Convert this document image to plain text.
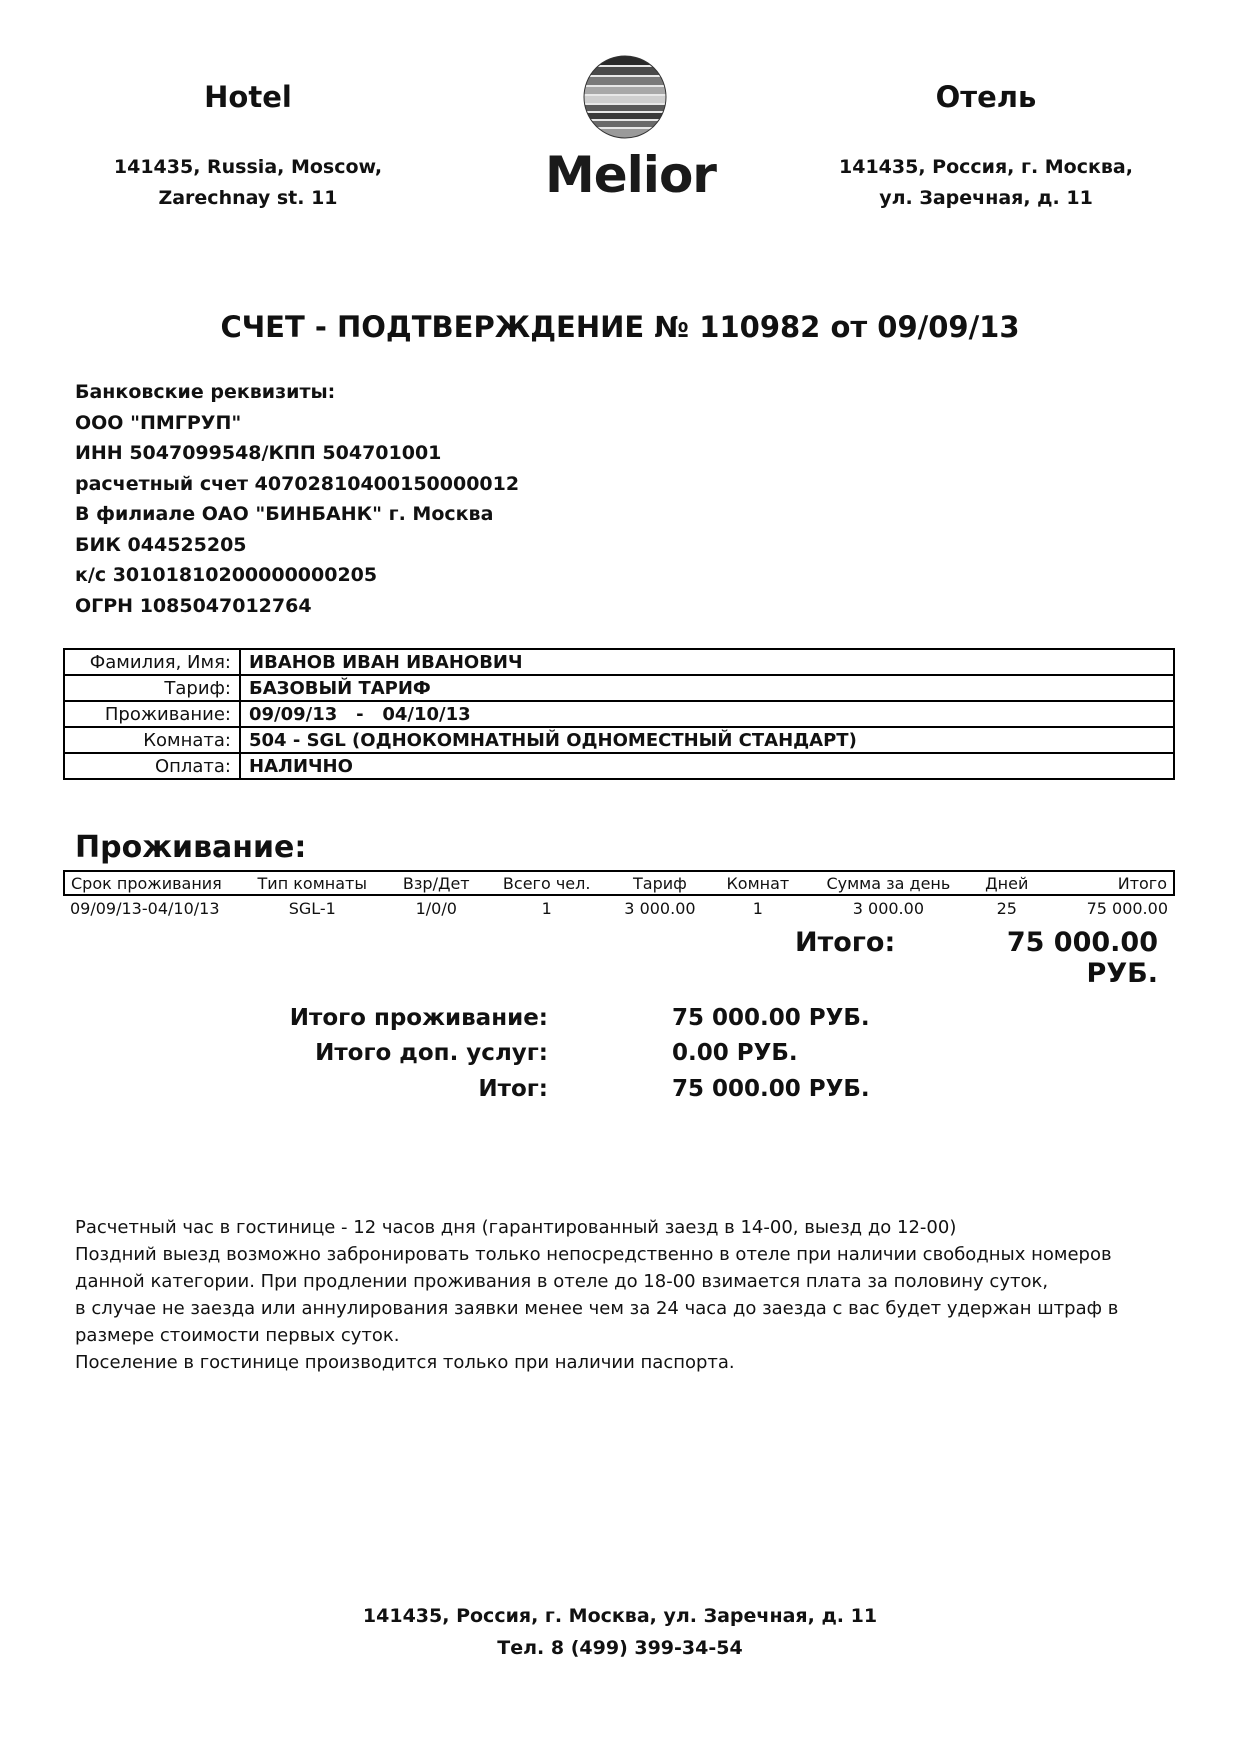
Hotel
141435, Russia, Moscow,
Zarechnay st. 11	Melior
Отель
141435, Россия, г. Москва,
ул. Заречная, д. 11
СЧЕТ - ПОДТВЕРЖДЕНИЕ № 110982 от 09/09/13
Банковские реквизиты:
ООО "ПМГРУП"
ИНН 5047099548/КПП 504701001
расчетный счет 40702810400150000012
В филиале ОАО "БИНБАНК" г. Москва
БИК 044525205
к/с 30101810200000000205
ОГРН 1085047012764
Фамилия, Имя:	ИВАНОВ ИВАН ИВАНОВИЧ
Тариф:	БАЗОВЫЙ ТАРИФ
Проживание:	09/09/13   -   04/10/13
Комната:	504 - SGL (ОДНОКОМНАТНЫЙ ОДНОМЕСТНЫЙ СТАНДАРТ)
Оплата:	НАЛИЧНО
Проживание:
Срок проживания	Тип комнаты	Взр/Дет	Всего чел.	Тариф	Комнат	Сумма за день	Дней	Итого
09/09/13-04/10/13	SGL-1	1/0/0	1	3 000.00	1	3 000.00	25	75 000.00
Итого:	75 000.00 РУБ.
Итого проживание:	75 000.00 РУБ.
Итого доп. услуг:	0.00 РУБ.
Итог:	75 000.00 РУБ.
Расчетный час в гостинице - 12 часов дня (гарантированный заезд в 14-00, выезд до 12-00)
Поздний выезд возможно забронировать только непосредственно в отеле при наличии свободных номеров
данной категории. При продлении проживания в отеле до 18-00 взимается плата за половину суток,
в случае не заезда или аннулирования заявки менее чем за 24 часа до заезда с вас будет удержан штраф в
размере стоимости первых суток.
Поселение в гостинице производится только при наличии паспорта.
141435, Россия, г. Москва, ул. Заречная, д. 11
Тел. 8 (499) 399-34-54
